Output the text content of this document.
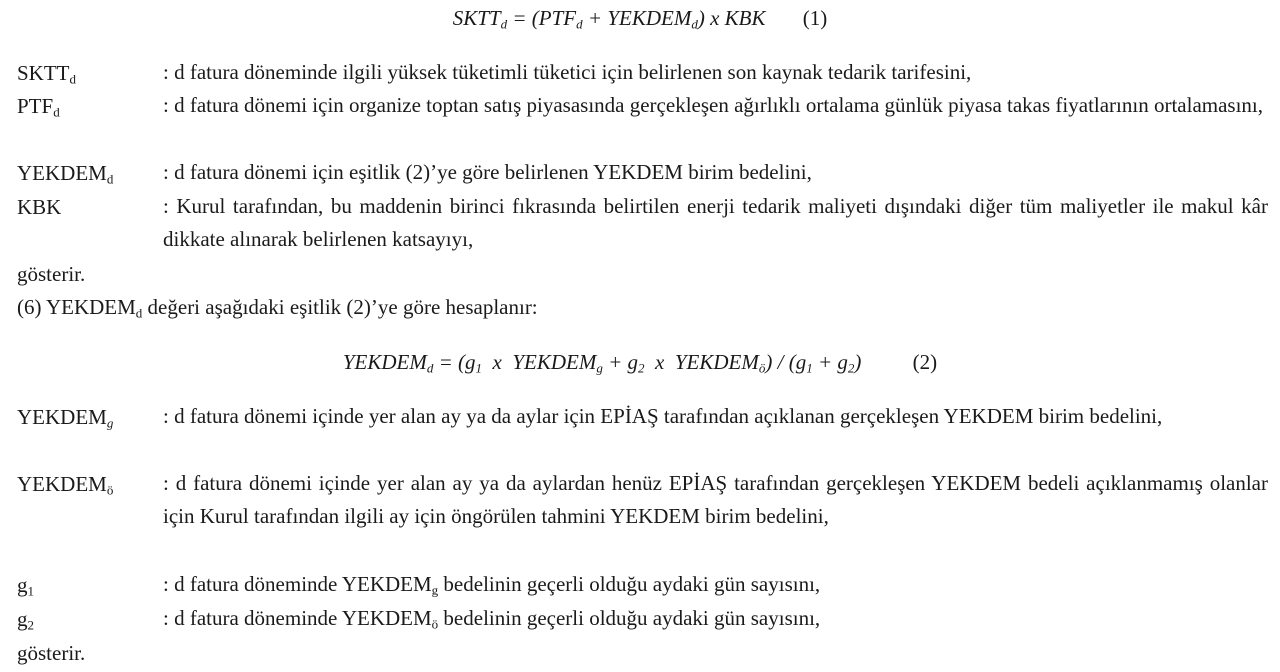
$SKTT_d = (PTF_d$ + $YEKDEM_d$) x KBK (1)
$SKTT_d$	: d fatura döneminde ilgili yüksek tüketimli tüketici için belirlenen son kaynak tedarik tarifesini,
$PTF_d$	: d fatura dönemi için organize toptan satış piyasasında gerçekleşen ağırlıklı ortalama günlük piyasa takas fiyatlarının ortalamasını,
$YEKDEM_d$ : d fatura dönemi için eşitlik (2)’ye göre belirlenen YEKDEM birim bedelini,
KBK	: Kurul tarafından, bu maddenin birinci fıkrasında belirtilen enerji tedarik maliyeti dışındaki diğer tüm maliyetler ile makul kâr dikkate alınarak belirlenen katsayıyı,
gösterir.
(6) $YEKDEM_d$ değeri aşağıdaki eşitlik (2)’ye göre hesaplanır:
$YEKDEM_d = (g_1$  x  $YEKDEM_g + g_2$  x  $YEKDEM_ö) / (g_1 + g_2)$ (2)
$YEKDEM_g$ : d fatura dönemi içinde yer alan ay ya da aylar için EPİAŞ tarafından açıklanan gerçekleşen YEKDEM birim bedelini,
$YEKDEM_ö$ : d fatura dönemi içinde yer alan ay ya da aylardan henüz EPİAŞ tarafından gerçekleşen YEKDEM bedeli açıklanmamış olanlar için Kurul tarafından ilgili ay için öngörülen tahmini YEKDEM birim bedelini,
$g_1$	: d fatura döneminde $YEKDEM_g$ bedelinin geçerli olduğu aydaki gün sayısını,
$g_2$	: d fatura döneminde $YEKDEM_ö$ bedelinin geçerli olduğu aydaki gün sayısını,
gösterir.
